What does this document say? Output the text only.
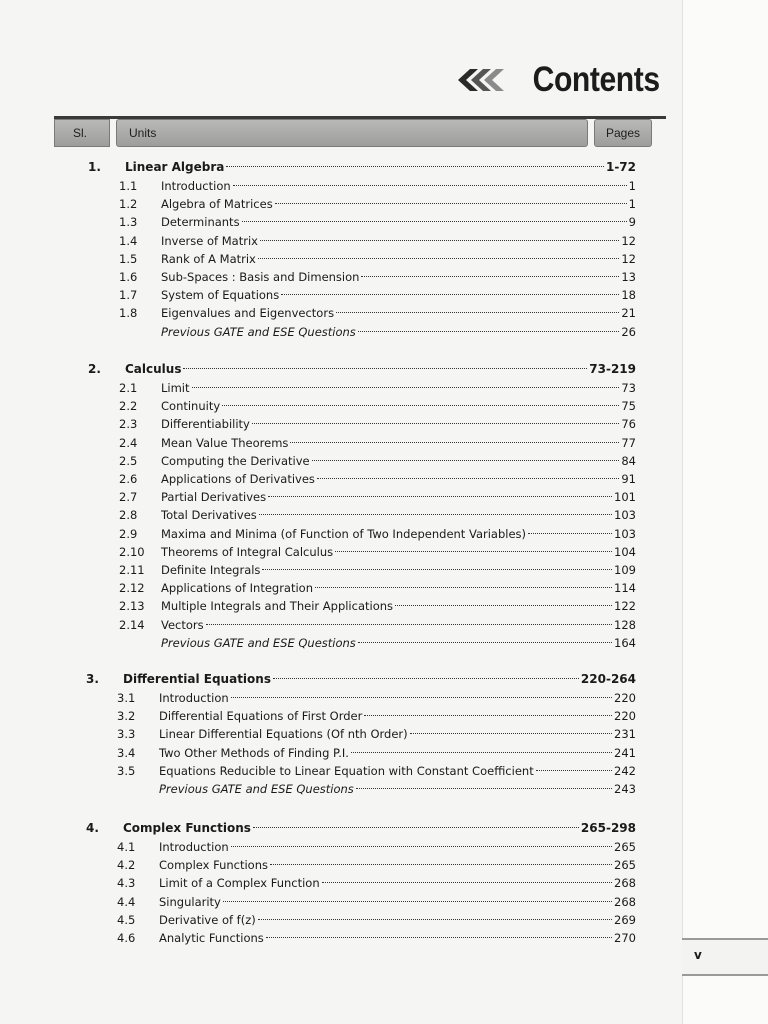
v
Contents
Sl.	Units	Pages
1.	Linear Algebra	1-72
1.1	Introduction	1
1.2	Algebra of Matrices	1
1.3	Determinants	9
1.4	Inverse of Matrix	12
1.5	Rank of A Matrix	12
1.6	Sub-Spaces : Basis and Dimension	13
1.7	System of Equations	18
1.8	Eigenvalues and Eigenvectors	21
Previous GATE and ESE Questions	26
2.	Calculus	73-219
2.1	Limit	73
2.2	Continuity	75
2.3	Differentiability	76
2.4	Mean Value Theorems	77
2.5	Computing the Derivative	84
2.6	Applications of Derivatives	91
2.7	Partial Derivatives	101
2.8	Total Derivatives	103
2.9	Maxima and Minima (of Function of Two Independent Variables)	103
2.10	Theorems of Integral Calculus	104
2.11	Definite Integrals	109
2.12	Applications of Integration	114
2.13	Multiple Integrals and Their Applications	122
2.14	Vectors	128
Previous GATE and ESE Questions	164
3.	Differential Equations	220-264
3.1	Introduction	220
3.2	Differential Equations of First Order	220
3.3	Linear Differential Equations (Of nth Order)	231
3.4	Two Other Methods of Finding P.I.	241
3.5	Equations Reducible to Linear Equation with Constant Coefficient	242
Previous GATE and ESE Questions	243
4.	Complex Functions	265-298
4.1	Introduction	265
4.2	Complex Functions	265
4.3	Limit of a Complex Function	268
4.4	Singularity	268
4.5	Derivative of f(z)	269
4.6	Analytic Functions	270
